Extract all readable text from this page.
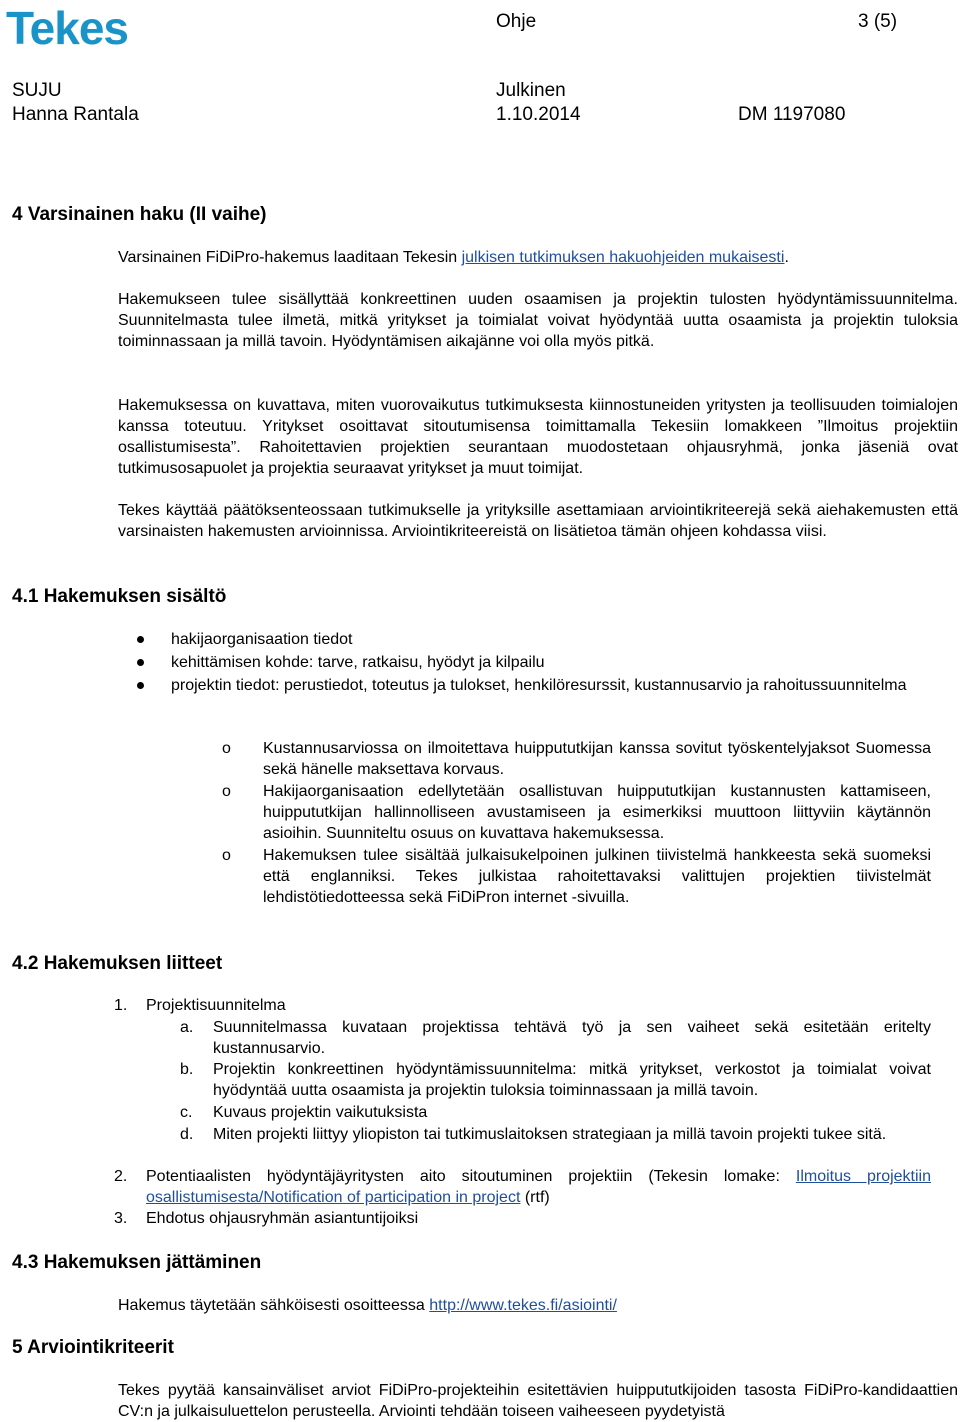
Tekes	Ohje	3 (5)
SUJU	Julkinen
Hanna Rantala	1.10.2014	DM 1197080
4 Varsinainen haku (II vaihe)
Varsinainen FiDiPro-hakemus laaditaan Tekesin julkisen tutkimuksen hakuohjeiden mukaisesti.
Hakemukseen tulee sisällyttää konkreettinen uuden osaamisen ja projektin tulosten hyödyntämissuunnitelma. Suunnitelmasta tulee ilmetä, mitkä yritykset ja toimialat voivat hyödyntää uutta osaamista ja projektin tuloksia toiminnassaan ja millä tavoin. Hyödyntämisen aikajänne voi olla myös pitkä.
Hakemuksessa on kuvattava, miten vuorovaikutus tutkimuksesta kiinnostuneiden yritysten ja teollisuuden toimialojen kanssa toteutuu. Yritykset osoittavat sitoutumisensa toimittamalla Tekesiin lomakkeen ”Ilmoitus projektiin osallistumisesta”. Rahoitettavien projektien seurantaan muodostetaan ohjausryhmä, jonka jäseniä ovat tutkimusosapuolet ja projektia seuraavat yritykset ja muut toimijat.
Tekes käyttää päätöksenteossaan tutkimukselle ja yrityksille asettamiaan arviointikriteerejä sekä aiehakemusten että varsinaisten hakemusten arvioinnissa. Arviointikriteereistä on lisätietoa tämän ohjeen kohdassa viisi.
4.1 Hakemuksen sisältö
hakijaorganisaation tiedot
kehittämisen kohde: tarve, ratkaisu, hyödyt ja kilpailu
projektin tiedot: perustiedot, toteutus ja tulokset, henkilöresurssit, kustannusarvio ja rahoitussuunnitelma
o Kustannusarviossa on ilmoitettava huippututkijan kanssa sovitut työskentelyjaksot Suomessa sekä hänelle maksettava korvaus.
o Hakijaorganisaation edellytetään osallistuvan huippututkijan kustannusten kattamiseen, huippututkijan hallinnolliseen avustamiseen ja esimerkiksi muuttoon liittyviin käytännön asioihin. Suunniteltu osuus on kuvattava hakemuksessa.
o Hakemuksen tulee sisältää julkaisukelpoinen julkinen tiivistelmä hankkeesta sekä suomeksi että englanniksi. Tekes julkistaa rahoitettavaksi valittujen projektien tiivistelmät lehdistötiedotteessa sekä FiDiPron internet -sivuilla.
4.2 Hakemuksen liitteet
1. Projektisuunnitelma
a. Suunnitelmassa kuvataan projektissa tehtävä työ ja sen vaiheet sekä esitetään eritelty kustannusarvio.
b. Projektin konkreettinen hyödyntämissuunnitelma: mitkä yritykset, verkostot ja toimialat voivat hyödyntää uutta osaamista ja projektin tuloksia toiminnassaan ja millä tavoin.
c. Kuvaus projektin vaikutuksista
d. Miten projekti liittyy yliopiston tai tutkimuslaitoksen strategiaan ja millä tavoin projekti tukee sitä.
2. Potentiaalisten hyödyntäjäyritysten aito sitoutuminen projektiin (Tekesin lomake: Ilmoitus projektiin osallistumisesta/Notification of participation in project (rtf)
3. Ehdotus ohjausryhmän asiantuntijoiksi
4.3 Hakemuksen jättäminen
Hakemus täytetään sähköisesti osoitteessa http://www.tekes.fi/asiointi/
5 Arviointikriteerit
Tekes pyytää kansainväliset arviot FiDiPro-projekteihin esitettävien huippututkijoiden tasosta FiDiPro-kandidaattien CV:n ja julkaisuluettelon perusteella. Arviointi tehdään toiseen vaiheeseen pyydetyistä
